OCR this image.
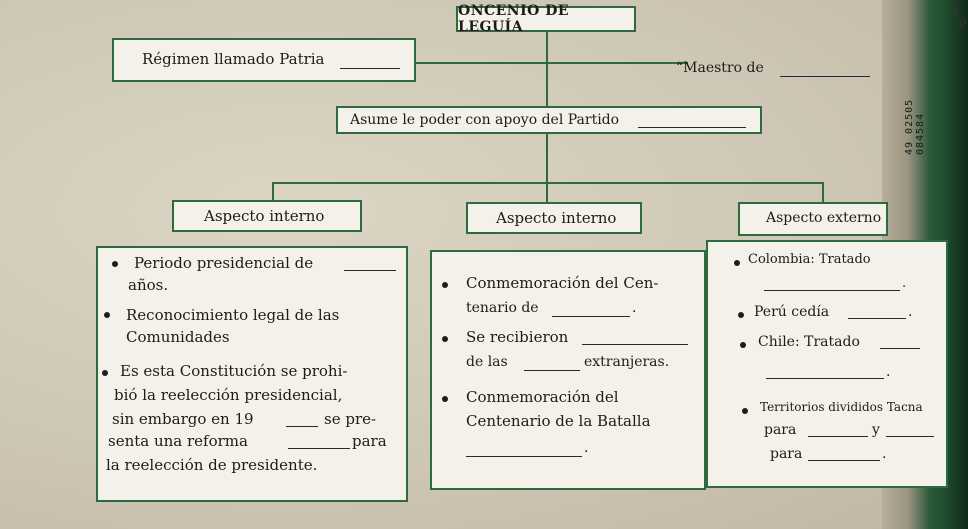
49 02505 084584
q
p
ONCENIO DE LEGUÍA
Régimen llamado Patria	“Maestro de
Asume le poder con apoyo del Partido
Aspecto interno	Aspecto interno	Aspecto externo
Periodo presidencial de
años.
Reconocimiento legal de las
Comunidades
Es esta Constitución se prohi-
bió la reelección presidencial,
sin embargo en 19	se pre-
senta una reforma	para
la reelección de presidente.
Conmemoración del Cen-
tenario de	.
Se recibieron
de las	extranjeras.
Conmemoración del
Centenario de la Batalla
.
Colombia: Tratado
.
Perú cedía	.
Chile: Tratado
.
Territorios divididos Tacna
para	y
para	.
